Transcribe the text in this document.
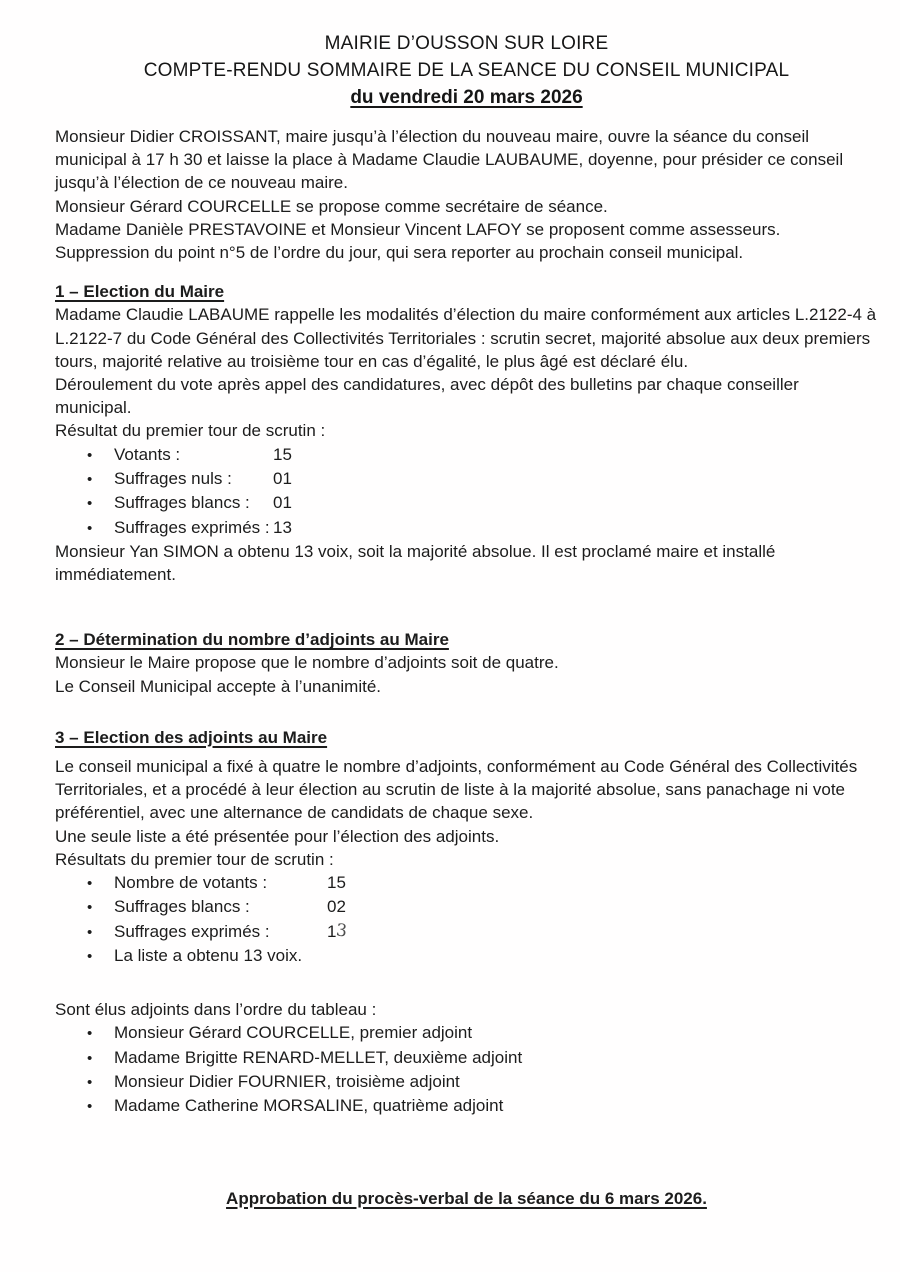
MAIRIE D’OUSSON SUR LOIRE
COMPTE-RENDU SOMMAIRE DE LA SEANCE DU CONSEIL MUNICIPAL
du vendredi 20 mars 2026

Monsieur Didier CROISSANT, maire jusqu’à l’élection du nouveau maire, ouvre la séance du conseil municipal à 17 h 30 et laisse la place à Madame Claudie LAUBAUME, doyenne, pour présider ce conseil jusqu’à l’élection de ce nouveau maire.

Monsieur Gérard COURCELLE se propose comme secrétaire de séance.

Madame Danièle PRESTAVOINE et Monsieur Vincent LAFOY se proposent comme assesseurs.

Suppression du point n°5 de l’ordre du jour, qui sera reporter au prochain conseil municipal.

1 – Election du Maire

Madame Claudie LABAUME rappelle les modalités d’élection du maire conformément aux articles L.2122-4 à L.2122-7 du Code Général des Collectivités Territoriales : scrutin secret, majorité absolue aux deux premiers tours, majorité relative au troisième tour en cas d’égalité, le plus âgé est déclaré élu.

Déroulement du vote après appel des candidatures, avec dépôt des bulletins par chaque conseiller municipal.

Résultat du premier tour de scrutin :

•	Votants :	15
•	Suffrages nuls :	01
•	Suffrages blancs :	01
•	Suffrages exprimés : 13

Monsieur Yan SIMON a obtenu 13 voix, soit la majorité absolue. Il est proclamé maire et installé immédiatement.

2 – Détermination du nombre d’adjoints au Maire

Monsieur le Maire propose que le nombre d’adjoints soit de quatre.

Le Conseil Municipal accepte à l’unanimité.

3 – Election des adjoints au Maire

Le conseil municipal a fixé à quatre le nombre d’adjoints, conformément au Code Général des Collectivités Territoriales, et a procédé à leur élection au scrutin de liste à la majorité absolue, sans panachage ni vote préférentiel, avec une alternance de candidats de chaque sexe.

Une seule liste a été présentée pour l’élection des adjoints.

Résultats du premier tour de scrutin :

•	Nombre de votants :	15
•	Suffrages blancs :	02
•	Suffrages exprimés :	13
•	La liste a obtenu 13 voix.

Sont élus adjoints dans l’ordre du tableau :

•	Monsieur Gérard COURCELLE, premier adjoint
•	Madame Brigitte RENARD-MELLET, deuxième adjoint
•	Monsieur Didier FOURNIER, troisième adjoint
•	Madame Catherine MORSALINE, quatrième adjoint
Approbation du procès-verbal de la séance du 6 mars 2026.
